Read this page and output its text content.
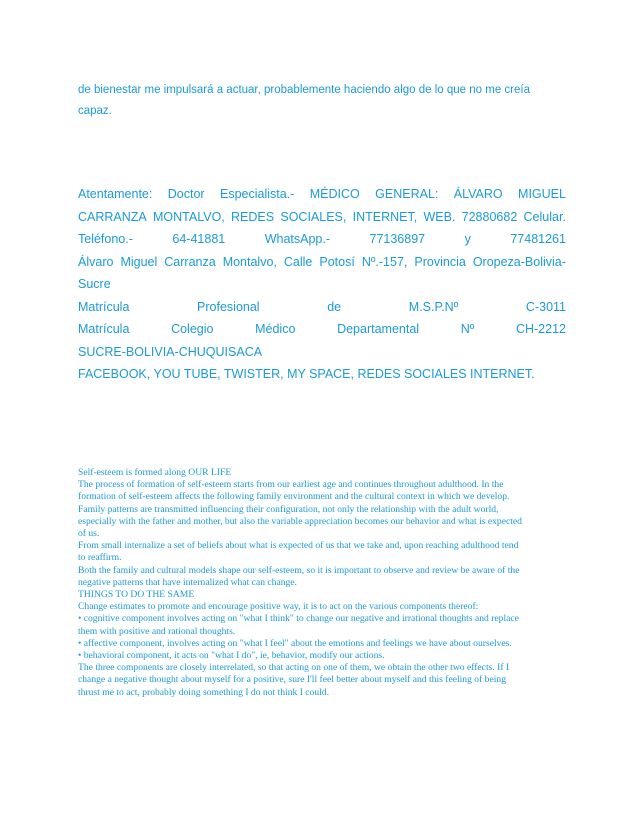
de bienestar me impulsará a actuar, probablemente haciendo algo de lo que no me creía
capaz.
Atentamente: Doctor Especialista.- MÉDICO GENERAL: ÁLVARO MIGUEL
CARRANZA MONTALVO, REDES SOCIALES, INTERNET, WEB. 72880682 Celular.
Teléfono.-	64-41881	WhatsApp.-	77136897	y	77481261
Álvaro Miguel Carranza Montalvo, Calle Potosí Nº.-157, Provincia Oropeza-Bolivia-
Sucre
Matrícula	Profesional	de	M.S.P.Nº	C-3011
Matrícula	Colegio	Médico	Departamental	Nº	CH-2212
SUCRE-BOLIVIA-CHUQUISACA
FACEBOOK, YOU TUBE, TWISTER, MY SPACE, REDES SOCIALES INTERNET.
Self-esteem is formed along OUR LIFE
The process of formation of self-esteem starts from our earliest age and continues throughout adulthood. In the
formation of self-esteem affects the following family environment and the cultural context in which we develop.
Family patterns are transmitted influencing their configuration, not only the relationship with the adult world,
especially with the father and mother, but also the variable appreciation becomes our behavior and what is expected
of us.
From small internalize a set of beliefs about what is expected of us that we take and, upon reaching adulthood tend
to reaffirm.
Both the family and cultural models shape our self-esteem, so it is important to observe and review be aware of the
negative patterns that have internalized what can change.
THINGS TO DO THE SAME
Change estimates to promote and encourage positive way, it is to act on the various components thereof:
• cognitive component involves acting on "what I think" to change our negative and irrational thoughts and replace
them with positive and rational thoughts.
• affective component, involves acting on "what I feel" about the emotions and feelings we have about ourselves.
• behavioral component, it acts on "what I do", ie, behavior, modify our actions.
The three components are closely interrelated, so that acting on one of them, we obtain the other two effects. If I
change a negative thought about myself for a positive, sure I'll feel better about myself and this feeling of being
thrust me to act, probably doing something I do not think I could.
